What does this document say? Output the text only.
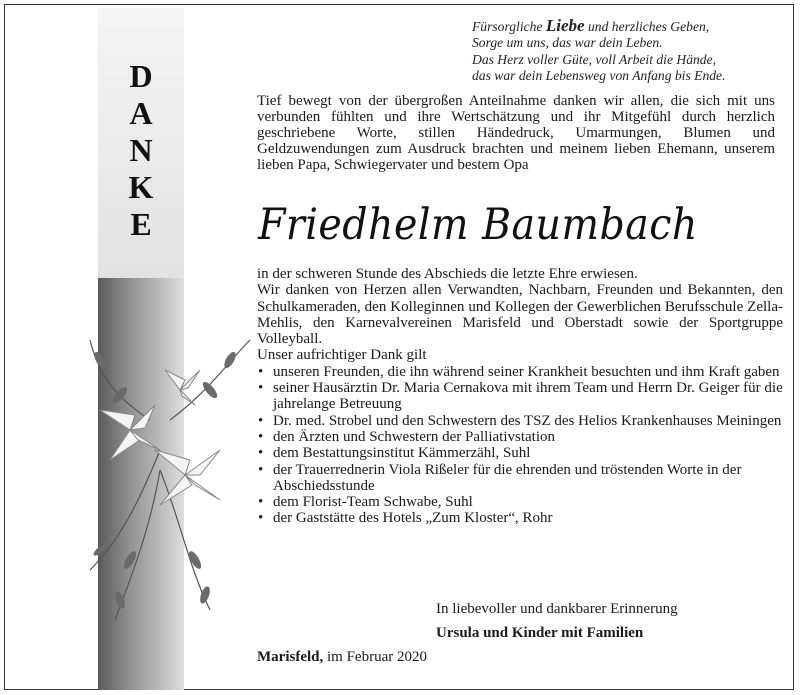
D
A
N
K
E
Fürsorgliche Liebe und herzliches Geben,
Sorge um uns, das war dein Leben.
Das Herz voller Güte, voll Arbeit die Hände,
das war dein Lebensweg von Anfang bis Ende.
Tief bewegt von der übergroßen Anteilnahme danken wir allen, die sich mit uns verbunden fühlten und ihre Wertschätzung und ihr Mitgefühl durch herzlich geschriebene Worte, stillen Händedruck, Umarmungen, Blumen und Geldzuwendungen zum Ausdruck brachten und meinem lieben Ehemann, unserem lieben Papa, Schwiegervater und bestem Opa
Friedhelm Baumbach

in der schweren Stunde des Abschieds die letzte Ehre erwiesen.

Wir danken von Herzen allen Verwandten, Nachbarn, Freunden und Bekannten, den Schulkameraden, den Kolleginnen und Kollegen der Gewerblichen Berufsschule Zella-Mehlis, den Karnevalvereinen Marisfeld und Oberstadt sowie der Sportgruppe Volleyball.

Unser aufrichtiger Dank gilt

• unseren Freunden, die ihn während seiner Krankheit besuchten und ihm Kraft gaben
• seiner Hausärztin Dr. Maria Cernakova mit ihrem Team und Herrn Dr. Geiger für die jahrelange Betreuung
• Dr. med. Strobel und den Schwestern des TSZ des Helios Krankenhauses Meiningen
• den Ärzten und Schwestern der Palliativstation
• dem Bestattungsinstitut Kämmerzähl, Suhl
• der Trauerrednerin Viola Rißeler für die ehrenden und tröstenden Worte in der Abschiedsstunde
• dem Florist-Team Schwabe, Suhl
• der Gaststätte des Hotels „Zum Kloster“, Rohr
In liebevoller und dankbarer Erinnerung
Ursula und Kinder mit Familien
Marisfeld, im Februar 2020
